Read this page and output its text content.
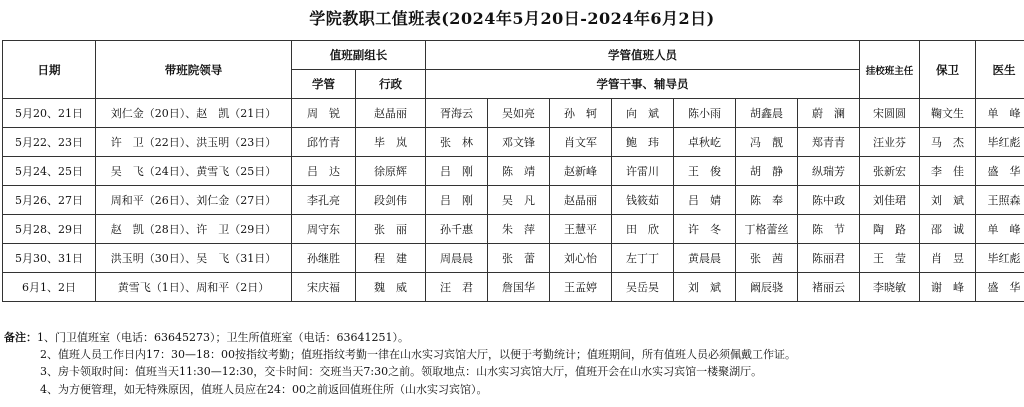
学院教职工值班表(2024年5月20日-2024年6月2日)
日期	带班院领导	值班副组长		学管值班人员							挂校班主任	保卫	医生
		学管	行政	学管干事、辅导员									
5月20、21日	刘仁金（20日）、赵　凯（21日）	周　锐	赵晶丽	胥海云	吴如亮	孙　轲	向　斌	陈小雨	胡鑫晨	蔚　澜	宋圆圆	鞠文生	单　峰
5月22、23日	许　卫（22日）、洪玉明（23日）	邱竹青	毕　岚	张　林	邓文锋	肖文军	鲍　玮	卓秋屹	冯　靓	郑青青	汪业芬	马　杰	毕红彪
5月24、25日	吴　飞（24日）、黄雪飞（25日）	吕　达	徐原辉	吕　刚	陈　靖	赵新峰	许雷川	王　俊	胡　静	纵瑞芳	张新宏	李　佳	盛　华
5月26、27日	周和平（26日）、刘仁金（27日）	李孔亮	段剑伟	吕　刚	吴　凡	赵晶丽	钱筱茹	吕　婧	陈　奉	陈中政	刘佳珺	刘　斌	王照森
5月28、29日	赵　凯（28日）、许　卫（29日）	周守东	张　丽	孙千惠	朱　萍	王慧平	田　欣	许　冬	丁格蕾丝	陈　节	陶　路	邵　诚	单　峰
5月30、31日	洪玉明（30日）、吴　飞（31日）	孙继胜	程　建	周晨晨	张　蕾	刘心怡	左丁丁	黄晨晨	张　茜	陈丽君	王　莹	肖　昱	毕红彪
6月1、2日	黄雪飞（1日）、周和平（2日）	宋庆福	魏　威	汪　君	詹国华	王孟婷	吴岳昊	刘　斌	阚辰骁	褚丽云	李晓敏	谢　峰	盛　华
备注：1、门卫值班室（电话：63645273）；卫生所值班室（电话：63641251）。
2、值班人员工作日内17：30—18：00按指纹考勤；值班指纹考勤一律在山水实习宾馆大厅，以便于考勤统计；值班期间，所有值班人员必须佩戴工作证。
3、房卡领取时间：值班当天11:30—12:30，交卡时间：交班当天7:30之前。领取地点：山水实习宾馆大厅，值班开会在山水实习宾馆一楼聚湖厅。
4、为方便管理，如无特殊原因，值班人员应在24：00之前返回值班住所（山水实习宾馆）。
